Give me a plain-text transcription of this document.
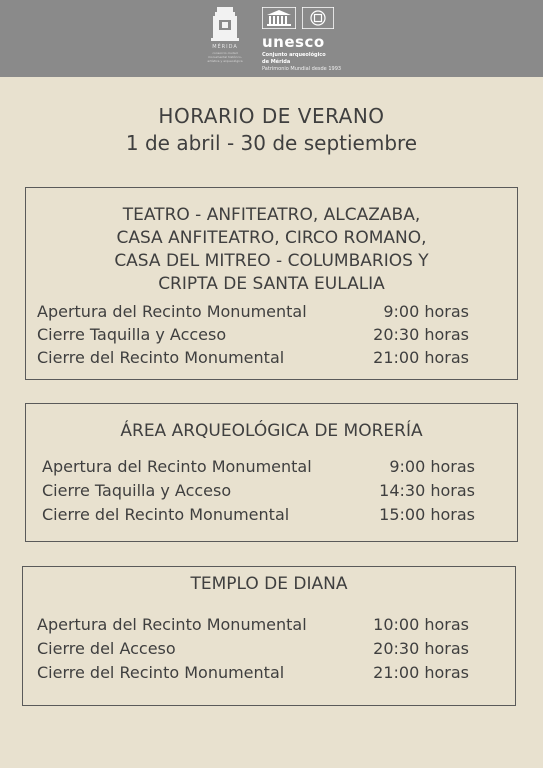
MÉRIDA
consorcio ciudad monumental histórico-artística y arqueológica
unesco
Conjunto arqueológico
de Mérida
Patrimonio Mundial desde 1993
HORARIO DE VERANO
1 de abril - 30 de septiembre
TEATRO - ANFITEATRO, ALCAZABA,
CASA ANFITEATRO, CIRCO ROMANO,
CASA DEL MITREO - COLUMBARIOS Y
CRIPTA DE SANTA EULALIA
Apertura del Recinto Monumental	9:00 horas
Cierre Taquilla y Acceso	20:30 horas
Cierre del Recinto Monumental	21:00 horas
ÁREA ARQUEOLÓGICA DE MORERÍA
Apertura del Recinto Monumental	9:00 horas
Cierre Taquilla y Acceso	14:30 horas
Cierre del Recinto Monumental	15:00 horas
TEMPLO DE DIANA
Apertura del Recinto Monumental	10:00 horas
Cierre del Acceso	20:30 horas
Cierre del Recinto Monumental	21:00 horas
